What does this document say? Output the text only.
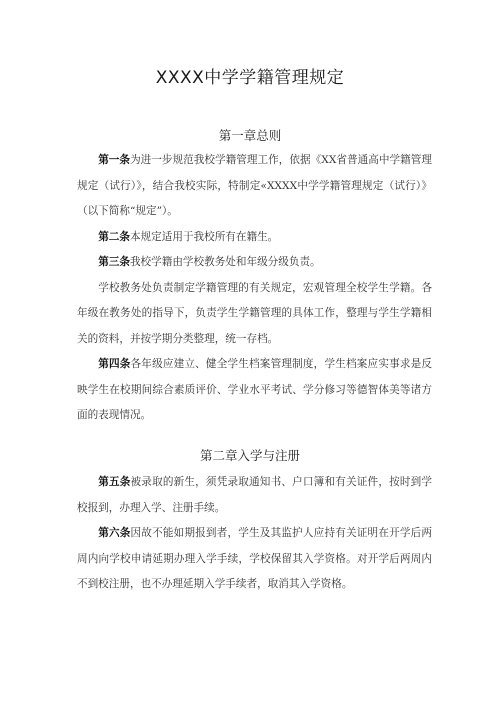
XXXX中学学籍管理规定
第一章总则

第一条为进一步规范我校学籍管理工作，依据《XX省普通高中学籍管理规定（试行）》，结合我校实际，特制定«XXXX中学学籍管理规定（试行）》（以下简称“规定”）。

第二条本规定适用于我校所有在籍生。

第三条我校学籍由学校教务处和年级分级负责。

学校教务处负责制定学籍管理的有关规定，宏观管理全校学生学籍。各年级在教务处的指导下，负责学生学籍管理的具体工作，整理与学生学籍相关的资料，并按学期分类整理，统一存档。

第四条各年级应建立、健全学生档案管理制度，学生档案应实事求是反映学生在校期间综合素质评价、学业水平考试、学分修习等德智体美等诸方面的表现情况。

第二章入学与注册

第五条被录取的新生，须凭录取通知书、户口簿和有关证件，按时到学校报到，办理入学、注册手续。

第六条因故不能如期报到者，学生及其监护人应持有关证明在开学后两周内向学校申请延期办理入学手续，学校保留其入学资格。对开学后两周内不到校注册，也不办理延期入学手续者，取消其入学资格。
